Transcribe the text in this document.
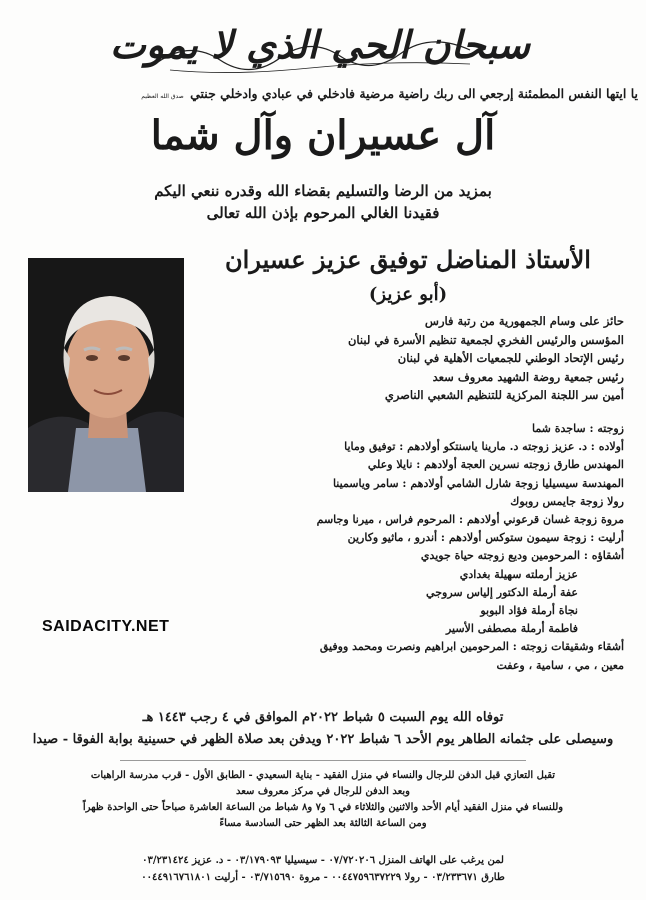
سبحان الحي الذي لا يموت
يا ايتها النفس المطمئنة إرجعي الى ربك راضية مرضية فادخلي في عبادي وادخلي جنتي صدق الله العظيم
آل عسيران وآل شما
بمزيد من الرضا والتسليم بقضاء الله وقدره ننعي اليكم
فقيدنا الغالي المرحوم بإذن الله تعالى
الأستاذ المناضل توفيق عزيز عسيران
(أبو عزيز)
حائز على وسام الجمهورية من رتبة فارس
المؤسس والرئيس الفخري لجمعية تنظيم الأسرة في لبنان
رئيس الإتحاد الوطني للجمعيات الأهلية في لبنان
رئيس جمعية روضة الشهيد معروف سعد
أمين سر اللجنة المركزية للتنظيم الشعبي الناصري
زوجته : ساجدة شما
أولاده : د. عزيز زوجته د. مارينا ياسنتكو أولادهم : توفيق ومايا
المهندس طارق زوجته نسرين العجة أولادهم : نايلا وعلي
المهندسة سيسيليا زوجة شارل الشامي أولادهم : سامر وياسمينا
رولا زوجة جايمس روبوك
مروة زوجة غسان قرعوني أولادهم : المرحوم فراس ، ميرنا وجاسم
أرليت : زوجة سيمون ستوكس أولادهم : أندرو ، ماثيو وكارين
أشقاؤه : المرحومين وديع زوجته حياة جويدي
عزيز أرملته سهيلة بغدادي
عفة أرملة الدكتور إلياس سروجي
نجاة أرملة فؤاد البوبو
فاطمة أرملة مصطفى الأسير
أشقاء وشقيقات زوجته : المرحومين ابراهيم ونصرت ومحمد ووفيق
معين ، مي ، سامية ، وعفت
SAIDACITY.NET
توفاه الله يوم السبت ٥ شباط ٢٠٢٢م الموافق في ٤ رجب ١٤٤٣ هـ
وسيصلى على جثمانه الطاهر يوم الأحد ٦ شباط ٢٠٢٢ ويدفن بعد صلاة الظهر في حسينية بوابة الفوقا - صيدا
تقبل التعازي قبل الدفن للرجال والنساء في منزل الفقيد - بناية السعيدي - الطابق الأول - قرب مدرسة الراهبات
وبعد الدفن للرجال في مركز معروف سعد
وللنساء في منزل الفقيد أيام الأحد والاثنين والثلاثاء في ٦ و٧ و٨ شباط من الساعة العاشرة صباحاً حتى الواحدة ظهراً
ومن الساعة الثالثة بعد الظهر حتى السادسة مساءً
لمن يرغب على الهاتف المنزل ٠٧/٧٢٠٢٠٦ - سيسيليا ٠٣/١٧٩٠٩٣ - د. عزيز ٠٣/٢٣١٤٢٤
طارق ٠٣/٢٣٣٦٧١ - رولا ٠٠٤٤٧٥٩٦٣٧٢٢٩ - مروة ٠٣/٧١٥٦٩٠ - أرليت ٠٠٤٤٩١٦٧٦١٨٠١
